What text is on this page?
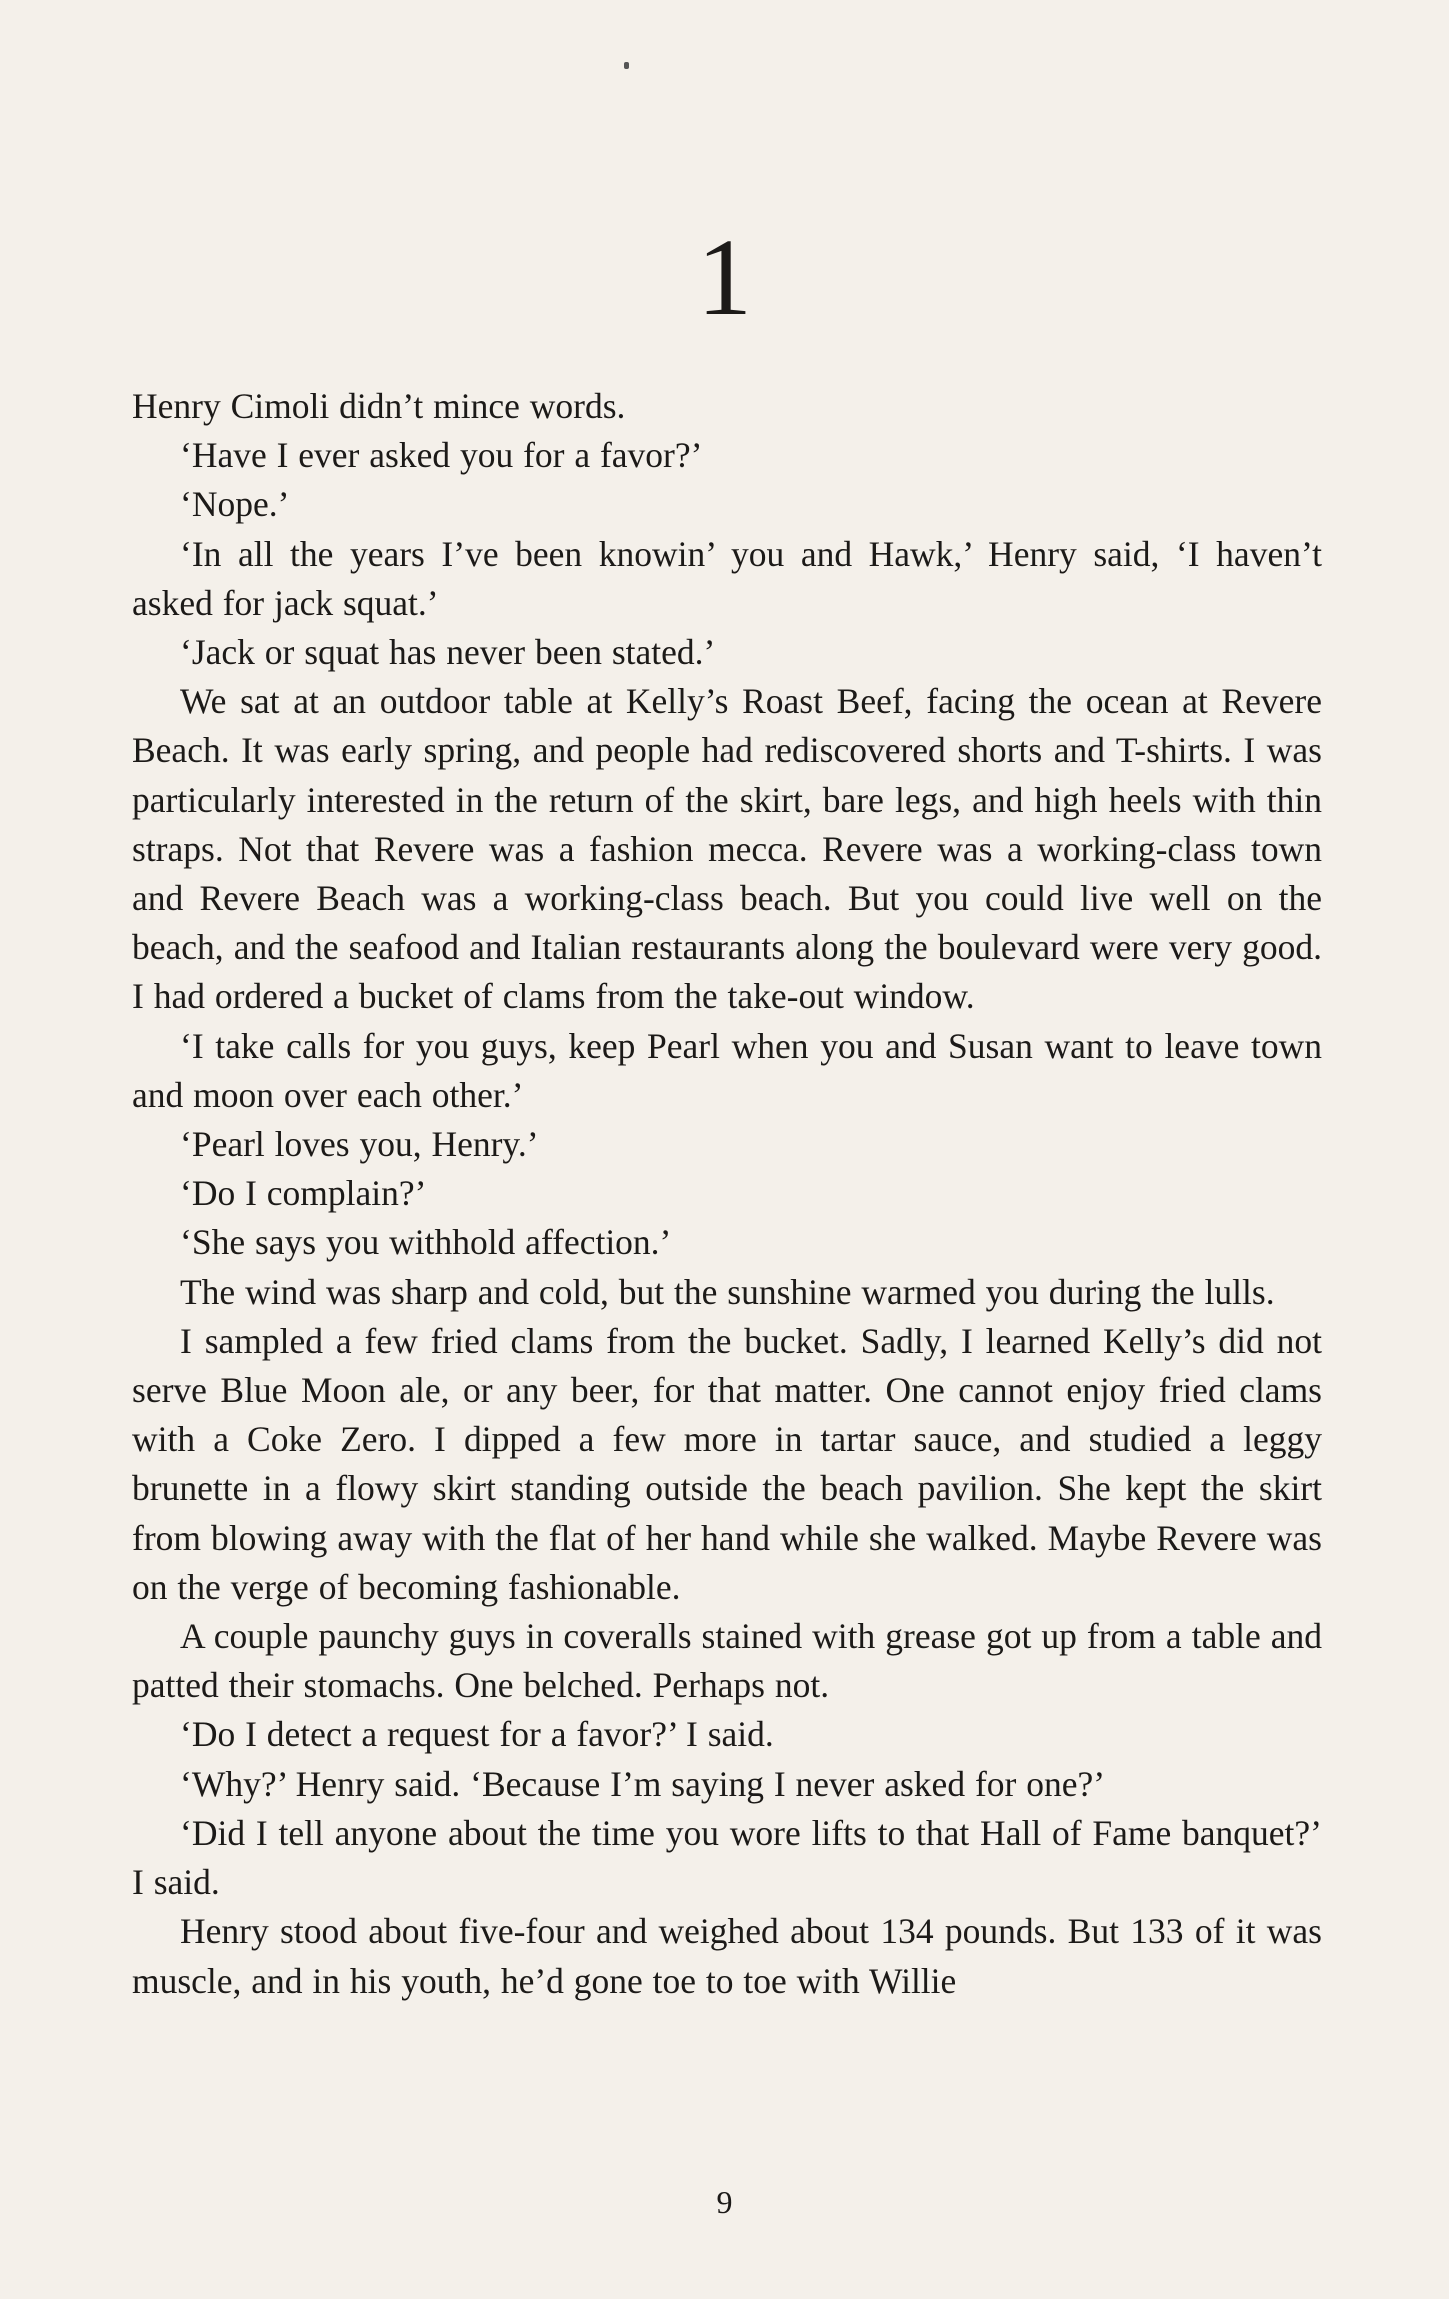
1

Henry Cimoli didn’t mince words.

‘Have I ever asked you for a favor?’

‘Nope.’

‘In all the years I’ve been knowin’ you and Hawk,’ Henry said, ‘I haven’t asked for jack squat.’

‘Jack or squat has never been stated.’

We sat at an outdoor table at Kelly’s Roast Beef, facing the ocean at Revere Beach. It was early spring, and people had rediscovered shorts and T-shirts. I was particularly interested in the return of the skirt, bare legs, and high heels with thin straps. Not that Revere was a fashion mecca. Revere was a working-class town and Revere Beach was a working-class beach. But you could live well on the beach, and the seafood and Italian restaurants along the boulevard were very good. I had ordered a bucket of clams from the take-out window.

‘I take calls for you guys, keep Pearl when you and Susan want to leave town and moon over each other.’

‘Pearl loves you, Henry.’

‘Do I complain?’

‘She says you withhold affection.’

The wind was sharp and cold, but the sunshine warmed you during the lulls.

I sampled a few fried clams from the bucket. Sadly, I learned Kelly’s did not serve Blue Moon ale, or any beer, for that matter. One cannot enjoy fried clams with a Coke Zero. I dipped a few more in tartar sauce, and studied a leggy brunette in a flowy skirt standing outside the beach pavilion. She kept the skirt from blowing away with the flat of her hand while she walked. Maybe Revere was on the verge of becoming fashionable.

A couple paunchy guys in coveralls stained with grease got up from a table and patted their stomachs. One belched. Perhaps not.

‘Do I detect a request for a favor?’ I said.

‘Why?’ Henry said. ‘Because I’m saying I never asked for one?’

‘Did I tell anyone about the time you wore lifts to that Hall of Fame banquet?’ I said.

Henry stood about five-four and weighed about 134 pounds. But 133 of it was muscle, and in his youth, he’d gone toe to toe with Willie

9
